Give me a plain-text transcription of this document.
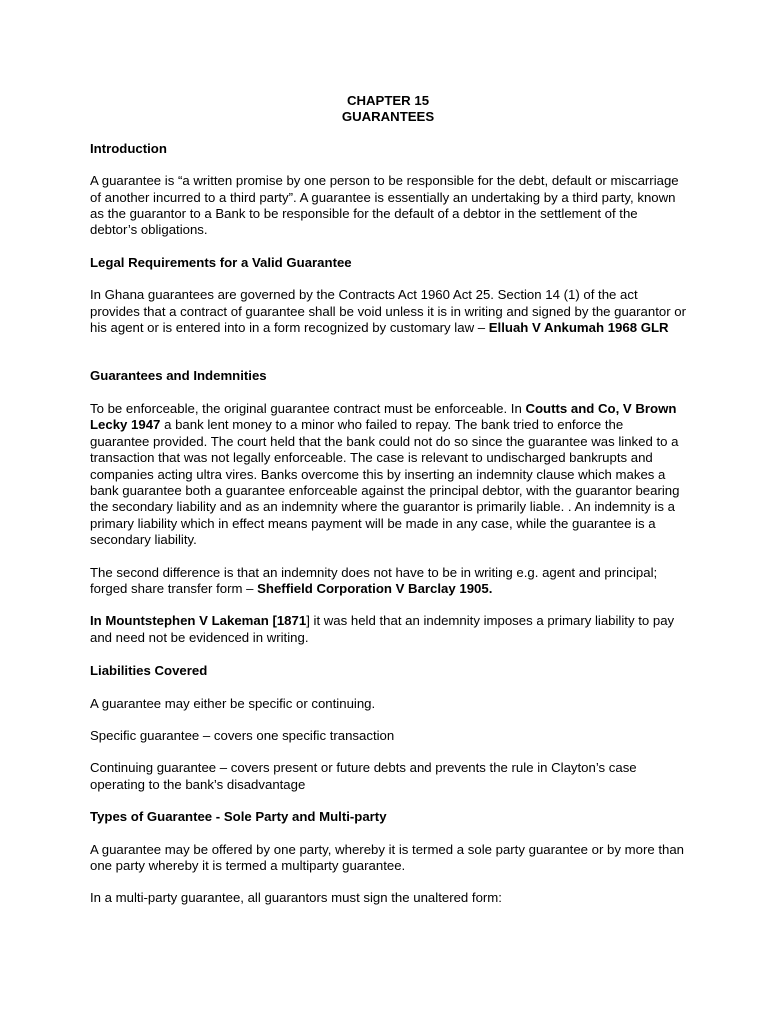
CHAPTER 15
GUARANTEES
Introduction

A guarantee is “a written promise by one person to be responsible for the debt, default or miscarriage of another incurred to a third party”. A guarantee is essentially an undertaking by a third party, known as the guarantor to a Bank to be responsible for the default of a debtor in the settlement of the debtor’s obligations.

Legal Requirements for a Valid Guarantee

In Ghana guarantees are governed by the Contracts Act 1960 Act 25. Section 14 (1) of the act provides that a contract of guarantee shall be void unless it is in writing and signed by the guarantor or his agent or is entered into in a form recognized by customary law – Elluah V Ankumah 1968 GLR

Guarantees and Indemnities

To be enforceable, the original guarantee contract must be enforceable. In Coutts and Co, V Brown Lecky 1947 a bank lent money to a minor who failed to repay. The bank tried to enforce the guarantee provided. The court held that the bank could not do so since the guarantee was linked to a transaction that was not legally enforceable. The case is relevant to undischarged bankrupts and companies acting ultra vires. Banks overcome this by inserting an indemnity clause which makes a bank guarantee both a guarantee enforceable against the principal debtor, with the guarantor bearing the secondary liability and as an indemnity where the guarantor is primarily liable. . An indemnity is a primary liability which in effect means payment will be made in any case, while the guarantee is a secondary liability.

The second difference is that an indemnity does not have to be in writing e.g. agent and principal; forged share transfer form – Sheffield Corporation V Barclay 1905.

In Mountstephen V Lakeman [1871] it was held that an indemnity imposes a primary liability to pay and need not be evidenced in writing.

Liabilities Covered

A guarantee may either be specific or continuing.

Specific guarantee – covers one specific transaction

Continuing guarantee – covers present or future debts and prevents the rule in Clayton’s case operating to the bank’s disadvantage

Types of Guarantee - Sole Party and Multi-party

A guarantee may be offered by one party, whereby it is termed a sole party guarantee or by more than one party whereby it is termed a multiparty guarantee.

In a multi-party guarantee, all guarantors must sign the unaltered form:
